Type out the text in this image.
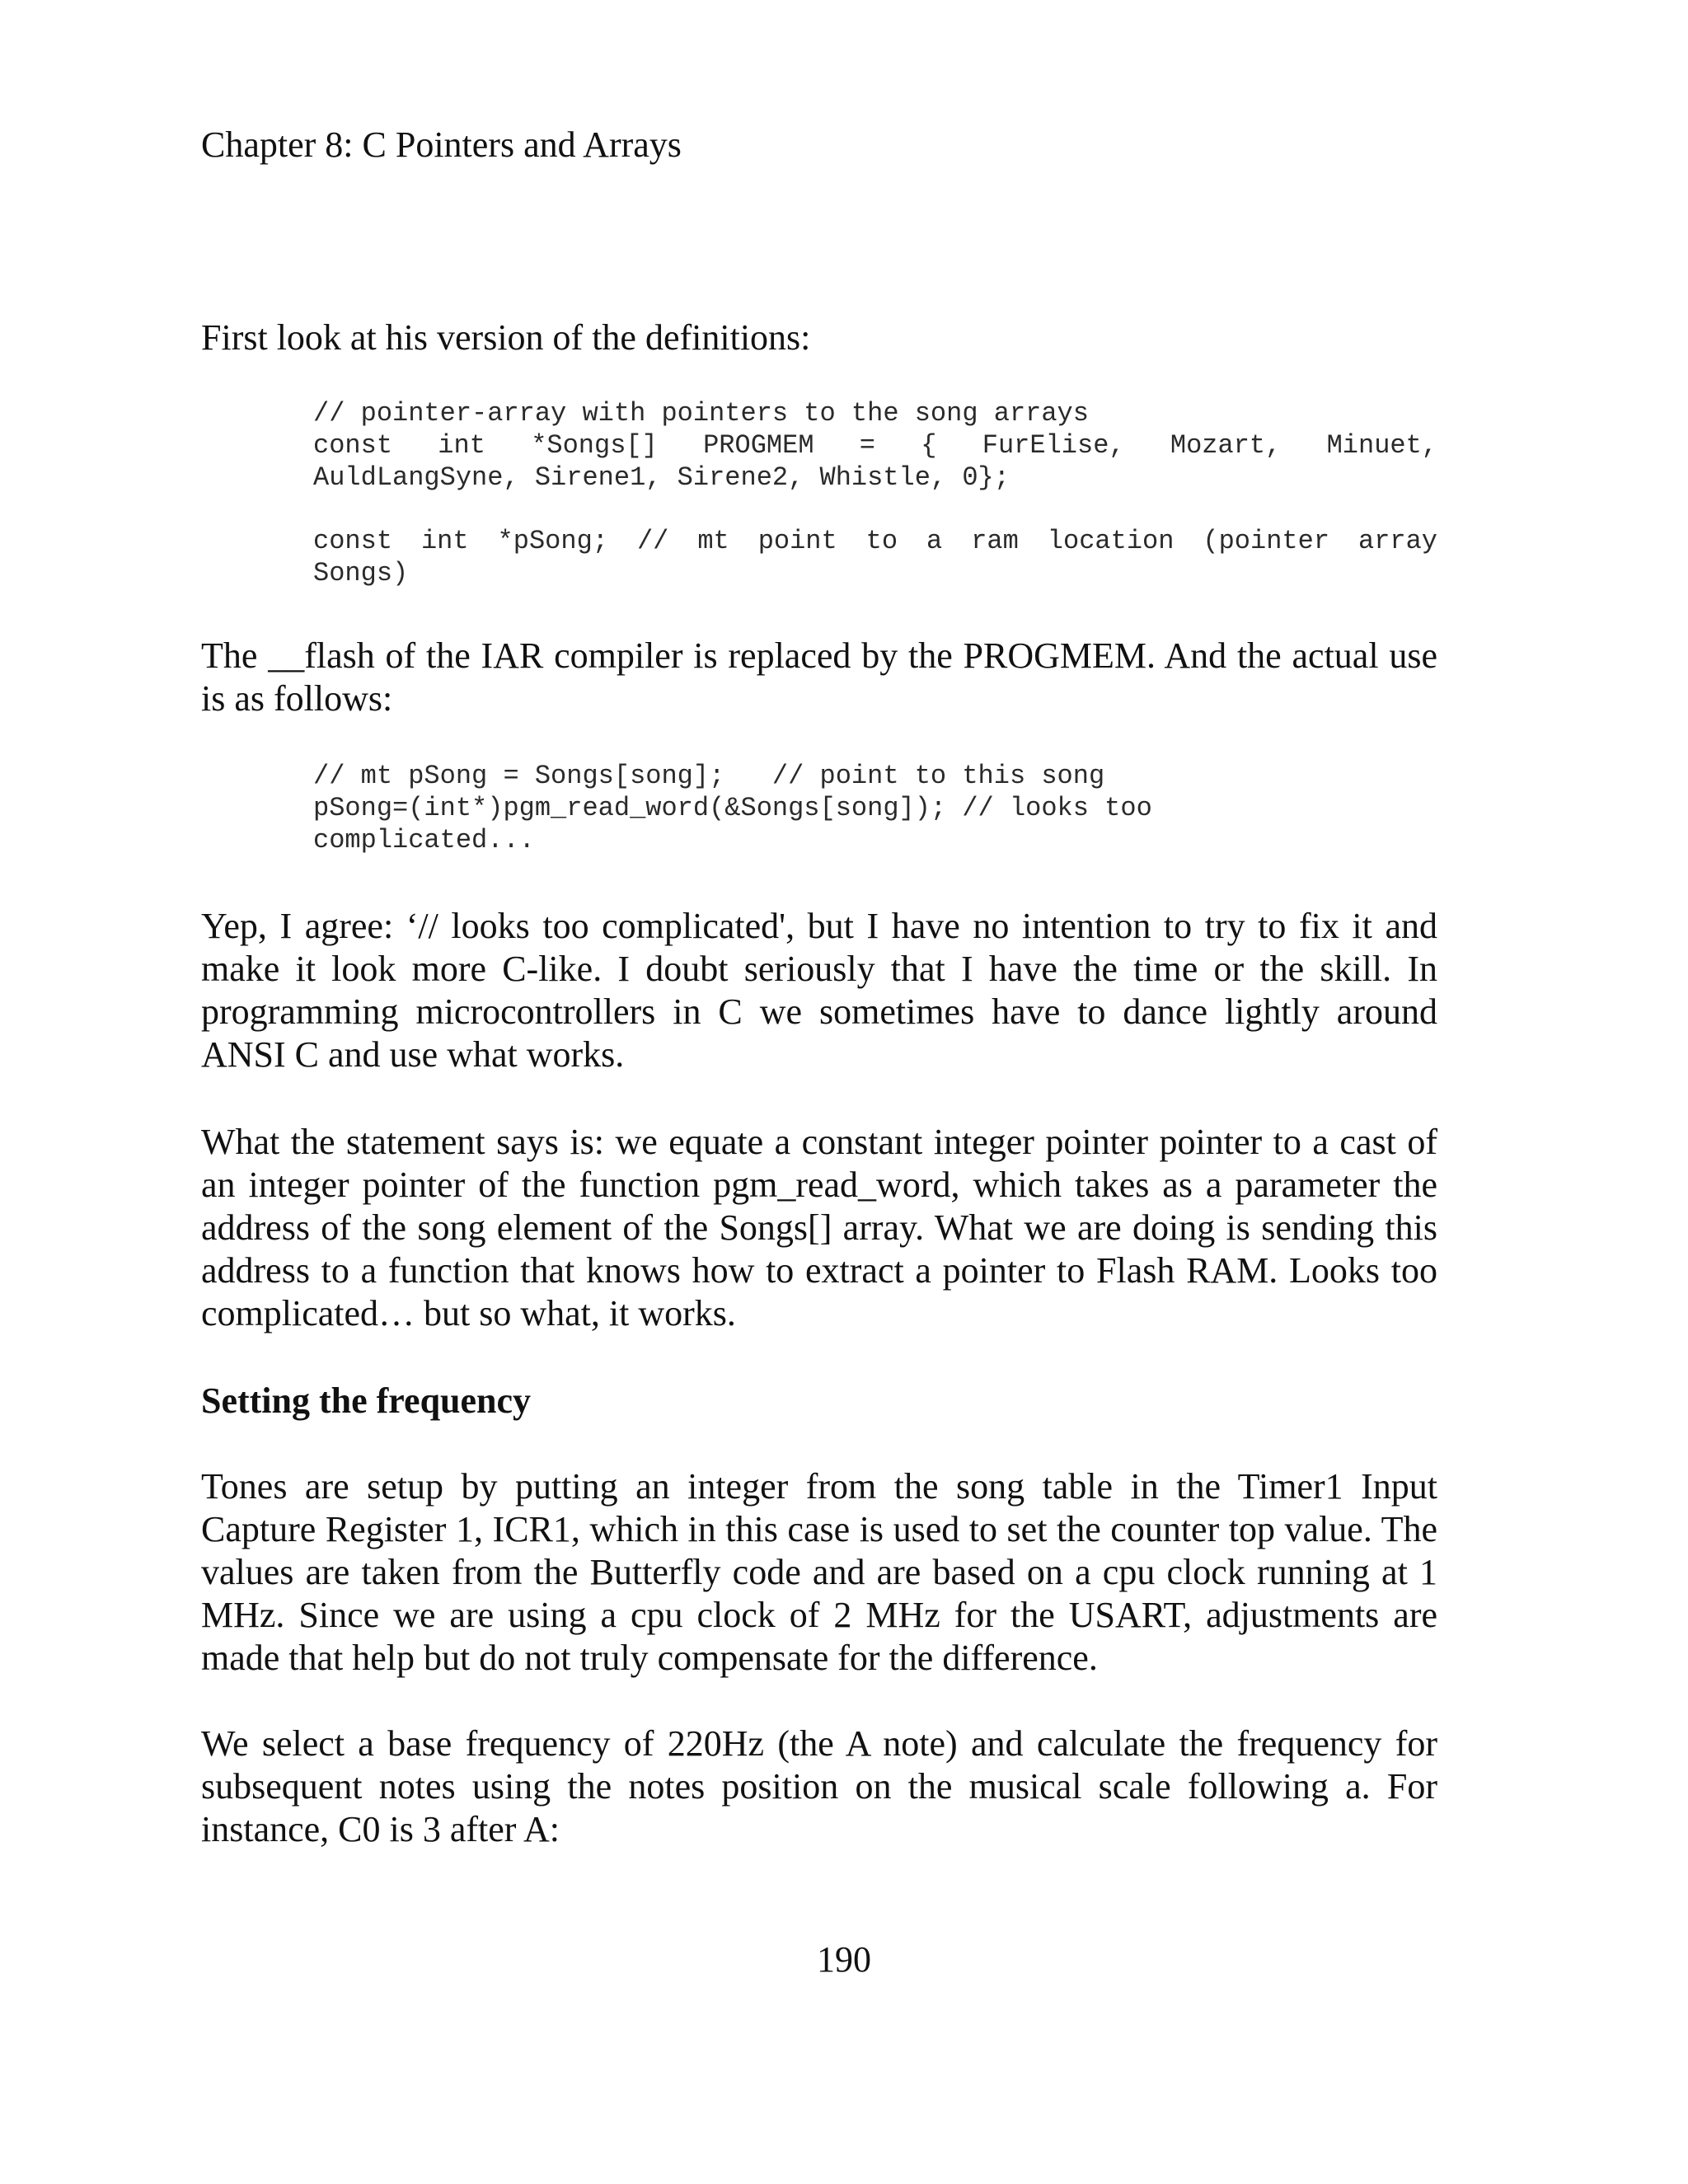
Chapter 8: C Pointers and Arrays
First look at his version of the definitions:
// pointer-array with pointers to the song arrays
const int *Songs[] PROGMEM = { FurElise, Mozart, Minuet,
AuldLangSyne, Sirene1, Sirene2, Whistle, 0};
const int *pSong; // mt point to a ram location (pointer array
Songs)
The __flash of the IAR compiler is replaced by the PROGMEM. And the actual use is as follows:
// mt pSong = Songs[song];   // point to this song
pSong=(int*)pgm_read_word(&Songs[song]); // looks too
complicated...
Yep, I agree: ‘// looks too complicated', but I have no intention to try to fix it and make it look more C-like. I doubt seriously that I have the time or the skill. In programming microcontrollers in C we sometimes have to dance lightly around ANSI C and use what works.
What the statement says is: we equate a constant integer pointer pointer to a cast of an integer pointer of the function pgm_read_word, which takes as a parameter the address of the song element of the Songs[] array. What we are doing is sending this address to a function that knows how to extract a pointer to Flash RAM. Looks too complicated… but so what, it works.
Setting the frequency
Tones are setup by putting an integer from the song table in the Timer1 Input Capture Register 1, ICR1, which in this case is used to set the counter top value. The values are taken from the Butterfly code and are based on a cpu clock running at 1 MHz. Since we are using a cpu clock of 2 MHz for the USART, adjustments are made that help but do not truly compensate for the difference.
We select a base frequency of 220Hz (the A note) and calculate the frequency for subsequent notes using the notes position on the musical scale following a. For instance, C0 is 3 after A:
190
